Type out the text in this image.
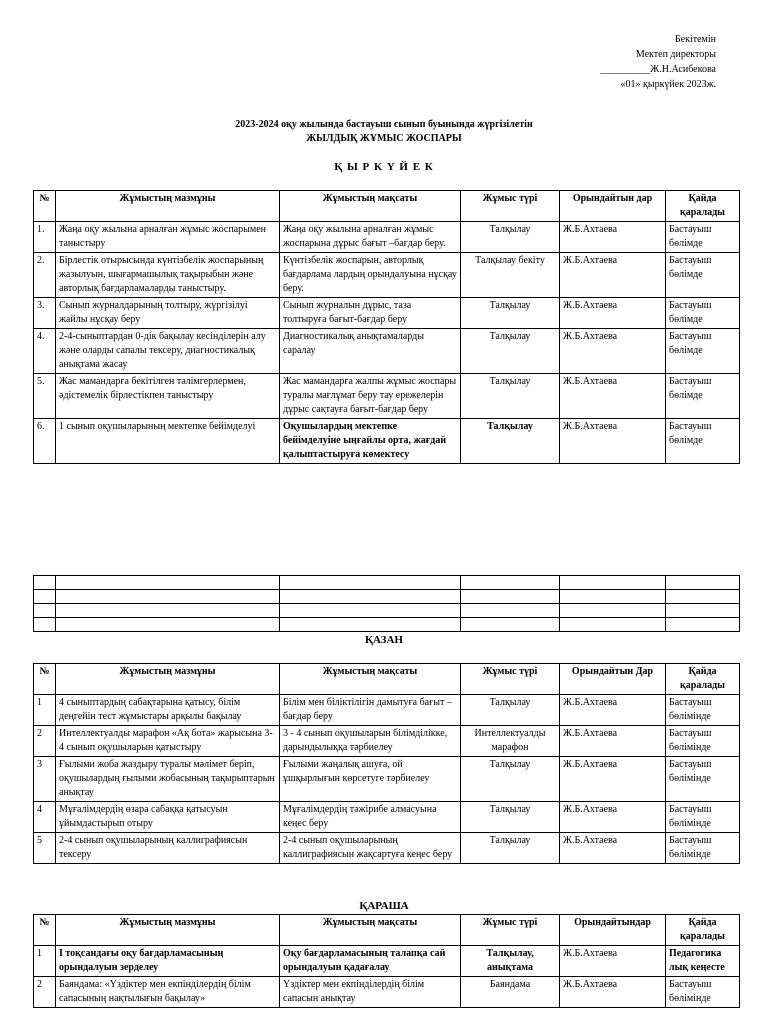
Бекітемін
Мектеп директоры
__________Ж.Н.Асибекова
«01» қыркүйек 2023ж.
2023-2024 оқу жылында бастауыш сынып буынында жүргізілетін
ЖЫЛДЫҚ ЖҰМЫС ЖОСПАРЫ
Қ Ы Р К Ү Й Е К
№	Жұмыстың мазмұны	Жұмыстың мақсаты	Жұмыс түрі	Орындайтын дар	Қайда қаралады
1.	Жаңа оқу жылына арналған жұмыс жоспарымен таныстыру	Жаңа оқу жылына арналған жұмыс жоспарына дұрыс бағыт –бағдар беру.	Талқылау	Ж.Б.Ахтаева	Бастауыш бөлімде
2.	Бірлестік отырысында күнтізбелік жоспарының жазылуын, шығармашылық тақырыбын және авторлық бағдарламаларды таныстыру.	Күнтізбелік жоспарын, авторлық бағдарлама лардың орындалуына нұсқау беру.	Талқылау бекіту	Ж.Б.Ахтаева	Бастауыш бөлімде
3.	Сынып журналдарының толтыру, жүргізілуі жайлы нұсқау беру	Сынып журналын дұрыс, таза толтыруға бағыт-бағдар беру	Талқылау	Ж.Б.Ахтаева	Бастауыш бөлімде
4.	2-4-сыныптардан 0-дік бақылау кесінділерін алу және оларды сапалы тексеру, диагностикалық анықтама жасау	Диагностикалық анықтамаларды саралау	Талқылау	Ж.Б.Ахтаева	Бастауыш бөлімде
5.	Жас мамандарға бекітілген тәлімгерлермен, әдістемелік бірлестікпен таныстыру	Жас мамандарға жалпы жұмыс жоспары туралы мағлұмат беру тау ережелерін дұрыс сақтауға бағыт-бағдар беру	Талқылау	Ж.Б.Ахтаева	Бастауыш бөлімде
6.	1 сынып оқушыларының мектепке бейімделуі	Оқушылардың мектепке бейімделуіне ыңғайлы орта, жағдай қалыптастыруға көмектесу	Талқылау	Ж.Б.Ахтаева	Бастауыш бөлімде

ҚАЗАН
№	Жұмыстың мазмұны	Жұмыстың мақсаты	Жұмыс түрі	Орындайтын Дар	Қайда қаралады
1	4 сыныптардың сабақтарына қатысу, білім деңгейін тест жұмыстары арқылы бақылау	Білім мен біліктілігін дамытуға бағыт – бағдар беру	Талқылау	Ж.Б.Ахтаева	Бастауыш бөлімінде
2	Интеллектуалды марафон «Ақ бота» жарысына 3-4 сынып оқушыларын қатыстыру	3 - 4 сынып оқушыларын білімділікке, дарындылыққа тәрбиелеу	Интеллектуалды марафон	Ж.Б.Ахтаева	Бастауыш бөлімінде
3	Ғылыми жоба жаздыру туралы мәлімет беріп, оқушылардың ғылыми жобасының тақырыптарын анықтау	Ғылыми жаңалық ашуға, ой ұшқырлығын көрсетуге тәрбиелеу	Талқылау	Ж.Б.Ахтаева	Бастауыш бөлімінде
4	Мұғалімдердің өзара сабаққа қатысуын ұйымдастырып отыру	Мұғалімдердің тәжірибе алмасуына кеңес беру	Талқылау	Ж.Б.Ахтаева	Бастауыш бөлімінде
5	2-4 сынып оқушыларының каллиграфиясын тексеру	2-4 сынып оқушыларының каллиграфиясын жақсартуға кеңес беру	Талқылау	Ж.Б.Ахтаева	Бастауыш бөлімінде
ҚАРАША
№	Жұмыстың мазмұны	Жұмыстың мақсаты	Жұмыс түрі	Орындайтындар	Қайда қаралады
1	І тоқсандағы оқу бағдарламасының орындалуын зерделеу	Оқу бағдарламасының талапқа сай орындалуын қадағалау	Талқылау, анықтама	Ж.Б.Ахтаева	Педагогика лық кеңесте
2	Баяндама: «Үздіктер мен екпінділердің білім сапасының нақтылығын бақылау»	Үздіктер мен екпінділердің білім сапасын анықтау	Баяндама	Ж.Б.Ахтаева	Бастауыш бөлімінде
